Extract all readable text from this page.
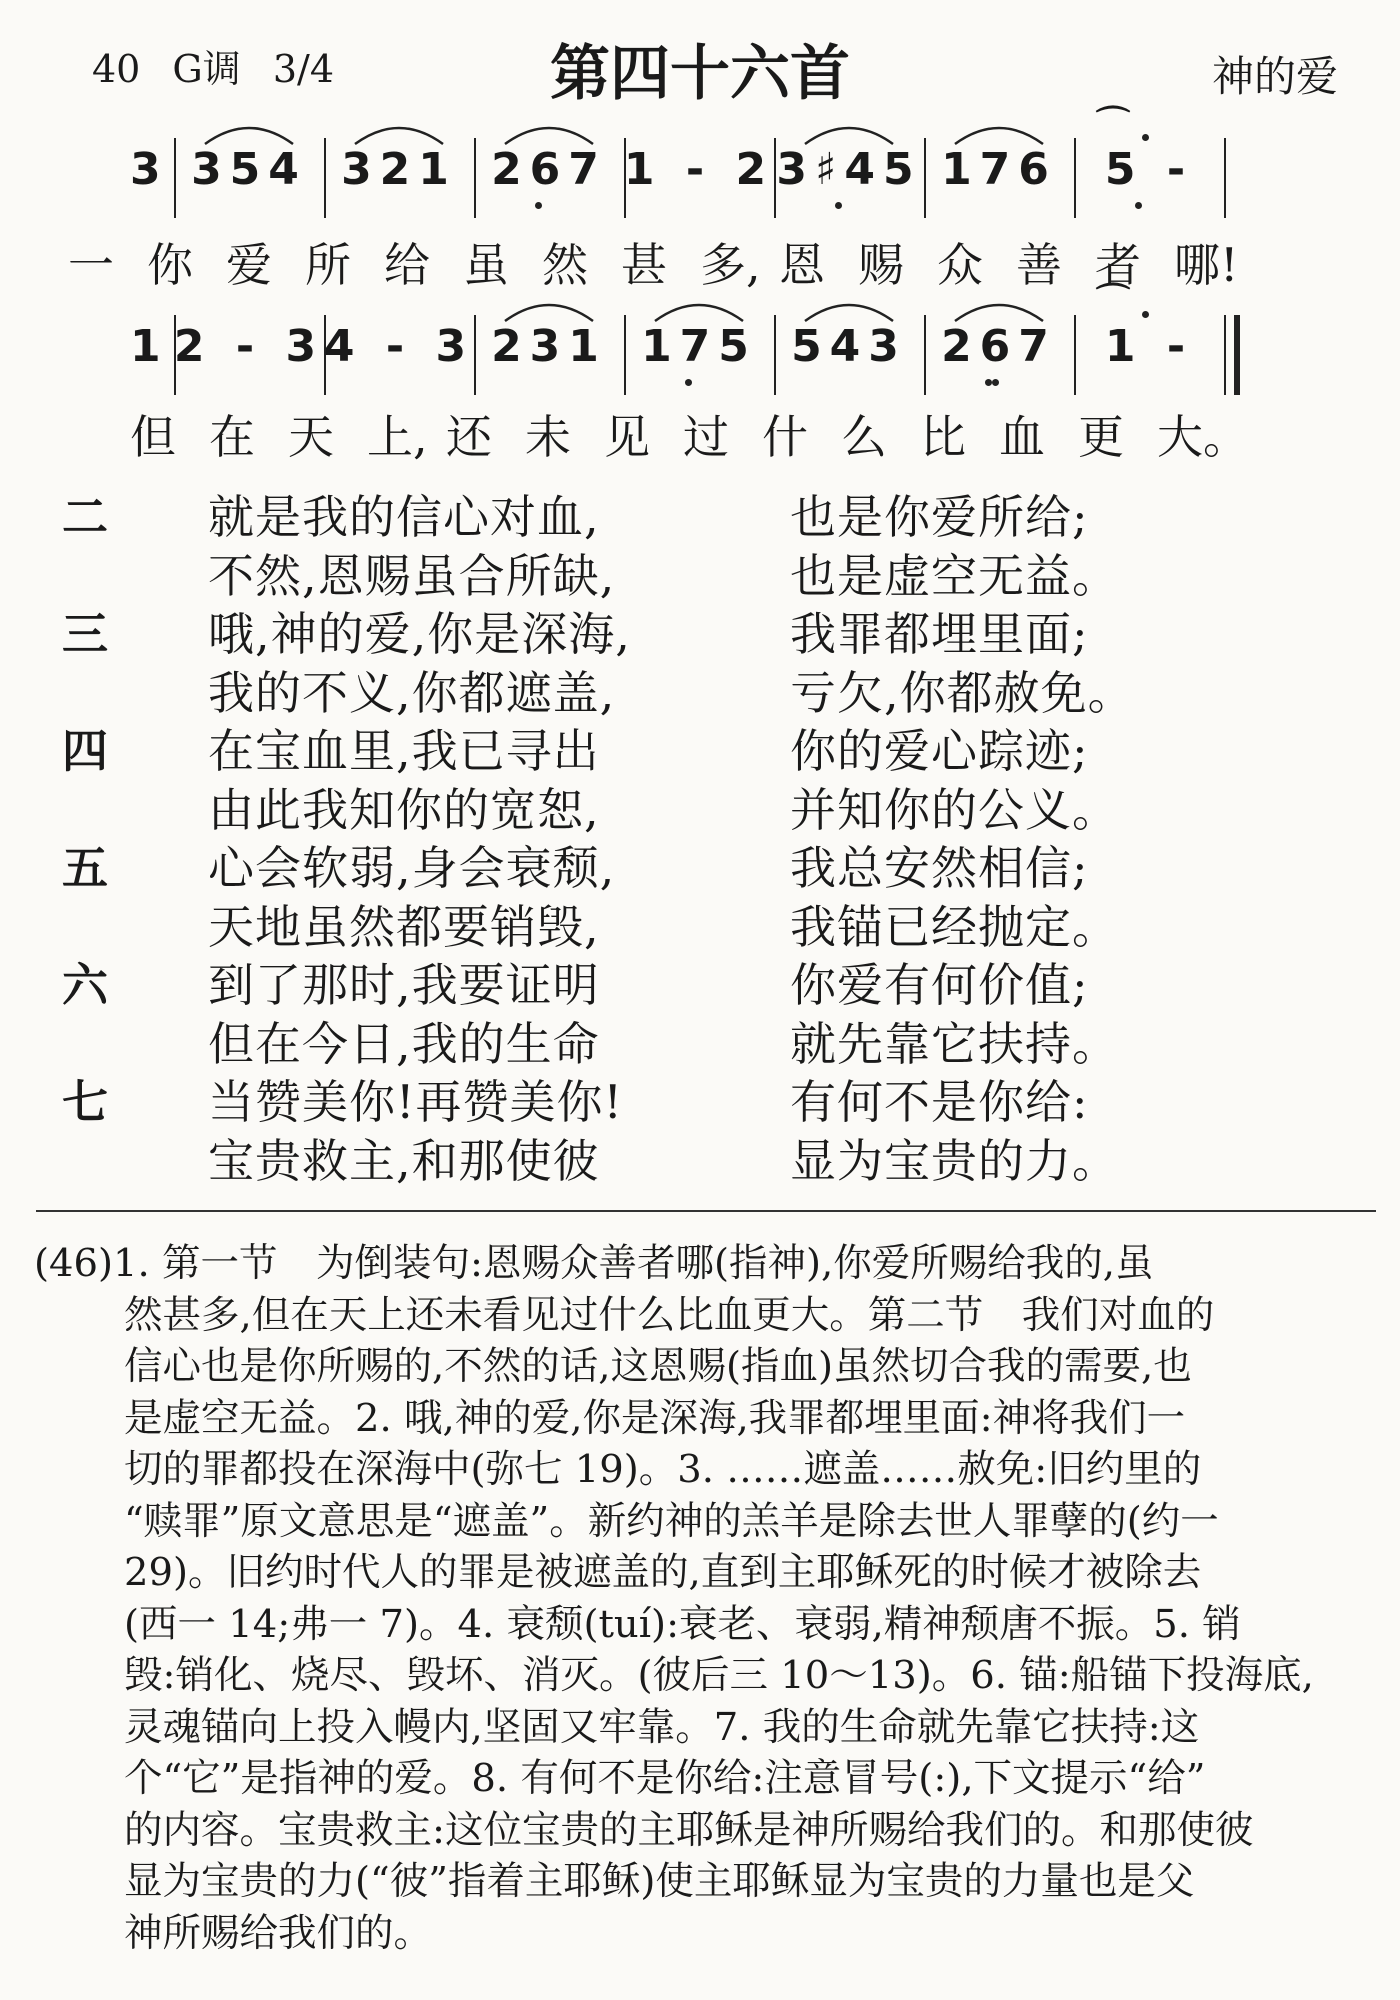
40 G调 3/4	第四十六首	神的爱
3 354 321 267 1 - 2 3♯45 176 5 -
⌒
一 你 爱 所 给 虽 然 甚 多, 恩 赐 众 善 者 哪!
1 2 - 3 4 - 3 231 175 543 267 1 -
⌒
但 在 天 上, 还 未 见 过 什 么 比 血 更 大。
二 就是我的信心对血,	也是你爱所给;
不然,恩赐虽合所缺,	也是虚空无益。
三 哦,神的爱,你是深海,	我罪都埋里面;
我的不义,你都遮盖,	亏欠,你都赦免。
四 在宝血里,我已寻出	你的爱心踪迹;
由此我知你的宽恕,	并知你的公义。
五 心会软弱,身会衰颓,	我总安然相信;
天地虽然都要销毁,	我锚已经抛定。
六 到了那时,我要证明	你爱有何价值;
但在今日,我的生命	就先靠它扶持。
七 当赞美你!再赞美你!	有何不是你给:
宝贵救主,和那使彼	显为宝贵的力。
(46)1. 第一节　为倒装句:恩赐众善者哪(指神),你爱所赐给我的,虽
然甚多,但在天上还未看见过什么比血更大。第二节　我们对血的
信心也是你所赐的,不然的话,这恩赐(指血)虽然切合我的需要,也
是虚空无益。2. 哦,神的爱,你是深海,我罪都埋里面:神将我们一
切的罪都投在深海中(弥七 19)。3. ……遮盖……赦免:旧约里的
“赎罪”原文意思是“遮盖”。新约神的羔羊是除去世人罪孽的(约一
29)。旧约时代人的罪是被遮盖的,直到主耶稣死的时候才被除去
(西一 14;弗一 7)。4. 衰颓(tuí):衰老、衰弱,精神颓唐不振。5. 销
毁:销化、烧尽、毁坏、消灭。(彼后三 10～13)。6. 锚:船锚下投海底,
灵魂锚向上投入幔内,坚固又牢靠。7. 我的生命就先靠它扶持:这
个“它”是指神的爱。8. 有何不是你给:注意冒号(:),下文提示“给”
的内容。宝贵救主:这位宝贵的主耶稣是神所赐给我们的。和那使彼
显为宝贵的力(“彼”指着主耶稣)使主耶稣显为宝贵的力量也是父
神所赐给我们的。
